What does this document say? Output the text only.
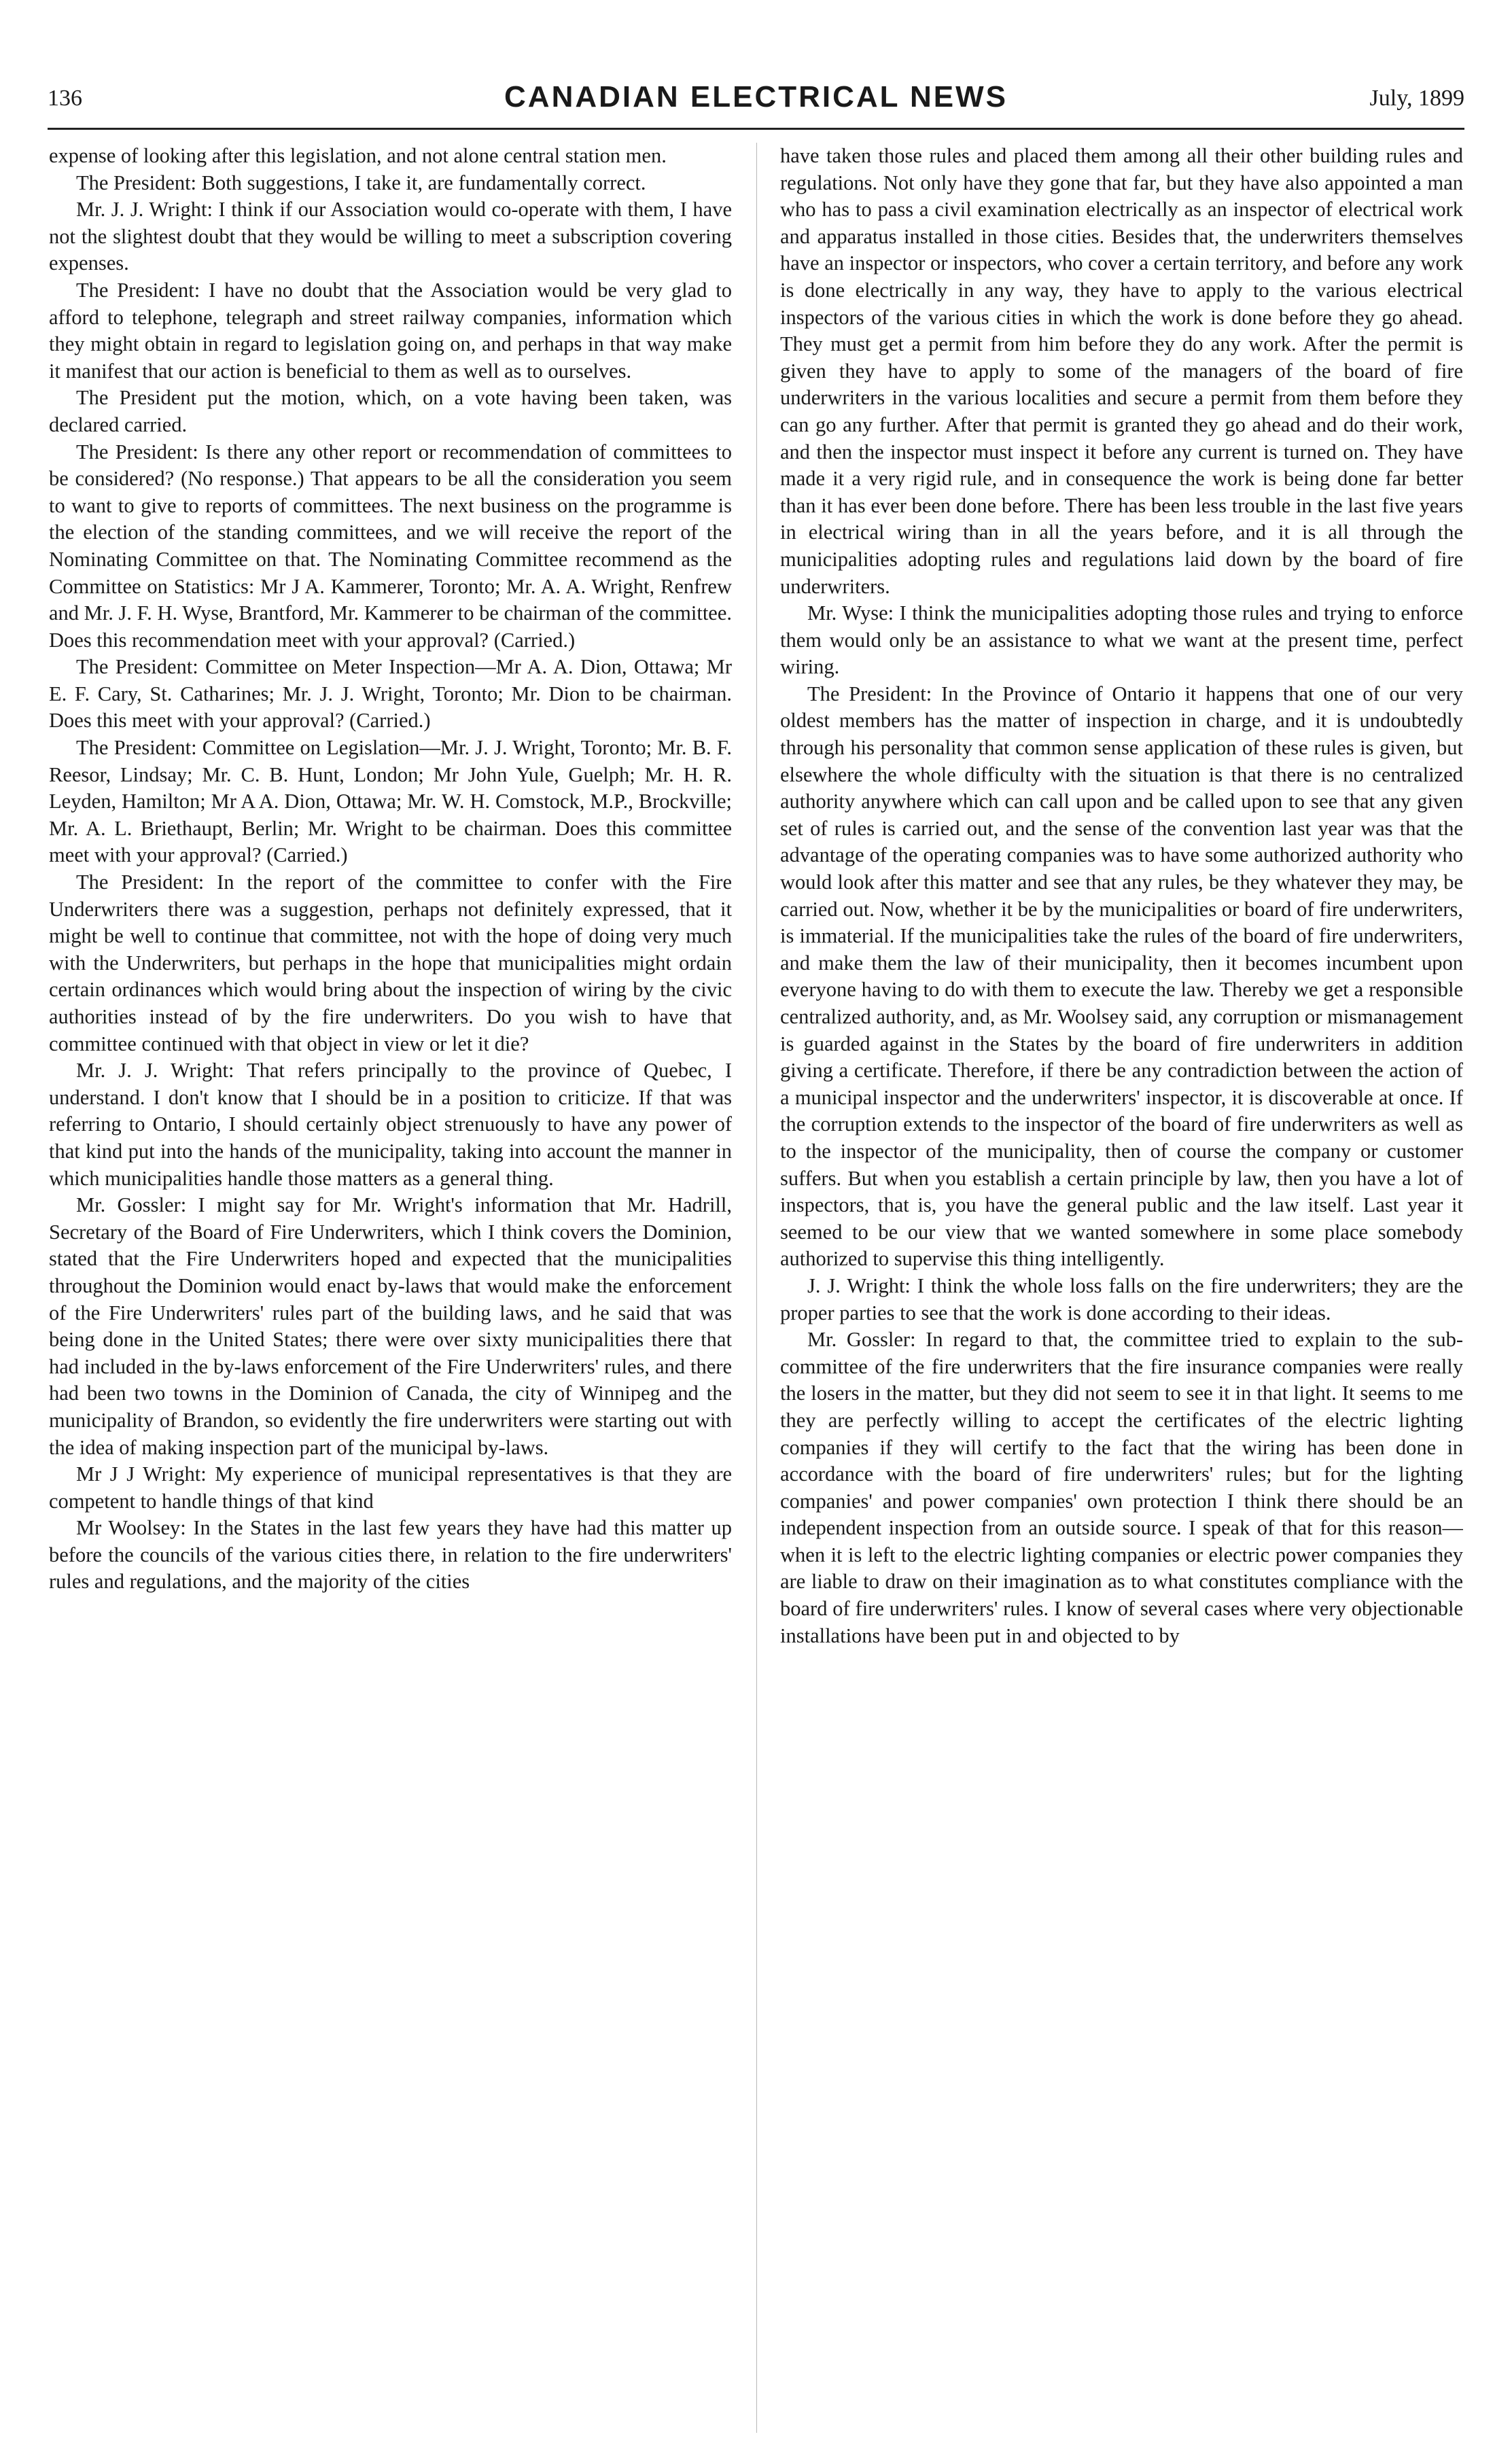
136	CANADIAN ELECTRICAL NEWS	July, 1899

expense of looking after this legislation, and not alone central station men.

The President: Both suggestions, I take it, are fundamentally correct.

Mr. J. J. Wright: I think if our Association would co-operate with them, I have not the slightest doubt that they would be willing to meet a subscription covering expenses.

The President: I have no doubt that the Association would be very glad to afford to telephone, telegraph and street railway companies, information which they might obtain in regard to legislation going on, and perhaps in that way make it manifest that our action is beneficial to them as well as to ourselves.

The President put the motion, which, on a vote having been taken, was declared carried.

The President: Is there any other report or recommendation of committees to be considered? (No response.) That appears to be all the consideration you seem to want to give to reports of committees. The next business on the programme is the election of the standing committees, and we will receive the report of the Nominating Committee on that. The Nominating Committee recommend as the Committee on Statistics: Mr J A. Kammerer, Toronto; Mr. A. A. Wright, Renfrew and Mr. J. F. H. Wyse, Brantford, Mr. Kammerer to be chairman of the committee. Does this recommendation meet with your approval? (Carried.)

The President: Committee on Meter Inspection—Mr A. A. Dion, Ottawa; Mr E. F. Cary, St. Catharines; Mr. J. J. Wright, Toronto; Mr. Dion to be chairman. Does this meet with your approval? (Carried.)

The President: Committee on Legislation—Mr. J. J. Wright, Toronto; Mr. B. F. Reesor, Lindsay; Mr. C. B. Hunt, London; Mr John Yule, Guelph; Mr. H. R. Leyden, Hamilton; Mr A A. Dion, Ottawa; Mr. W. H. Comstock, M.P., Brockville; Mr. A. L. Briethaupt, Berlin; Mr. Wright to be chairman. Does this committee meet with your approval? (Carried.)

The President: In the report of the committee to confer with the Fire Underwriters there was a suggestion, perhaps not definitely expressed, that it might be well to continue that committee, not with the hope of doing very much with the Underwriters, but perhaps in the hope that municipalities might ordain certain ordinances which would bring about the inspection of wiring by the civic authorities instead of by the fire underwriters. Do you wish to have that committee continued with that object in view or let it die?

Mr. J. J. Wright: That refers principally to the province of Quebec, I understand. I don't know that I should be in a position to criticize. If that was referring to Ontario, I should certainly object strenuously to have any power of that kind put into the hands of the municipality, taking into account the manner in which municipalities handle those matters as a general thing.

Mr. Gossler: I might say for Mr. Wright's information that Mr. Hadrill, Secretary of the Board of Fire Underwriters, which I think covers the Dominion, stated that the Fire Underwriters hoped and expected that the municipalities throughout the Dominion would enact by-laws that would make the enforcement of the Fire Underwriters' rules part of the building laws, and he said that was being done in the United States; there were over sixty municipalities there that had included in the by-laws enforcement of the Fire Underwriters' rules, and there had been two towns in the Dominion of Canada, the city of Winnipeg and the municipality of Brandon, so evidently the fire underwriters were starting out with the idea of making inspection part of the municipal by-laws.

Mr J J Wright: My experience of municipal representatives is that they are competent to handle things of that kind

Mr Woolsey: In the States in the last few years they have had this matter up before the councils of the various cities there, in relation to the fire underwriters' rules and regulations, and the majority of the cities

have taken those rules and placed them among all their other building rules and regulations. Not only have they gone that far, but they have also appointed a man who has to pass a civil examination electrically as an inspector of electrical work and apparatus installed in those cities. Besides that, the underwriters themselves have an inspector or inspectors, who cover a certain territory, and before any work is done electrically in any way, they have to apply to the various electrical inspectors of the various cities in which the work is done before they go ahead. They must get a permit from him before they do any work. After the permit is given they have to apply to some of the managers of the board of fire underwriters in the various localities and secure a permit from them before they can go any further. After that permit is granted they go ahead and do their work, and then the inspector must inspect it before any current is turned on. They have made it a very rigid rule, and in consequence the work is being done far better than it has ever been done before. There has been less trouble in the last five years in electrical wiring than in all the years before, and it is all through the municipalities adopting rules and regulations laid down by the board of fire underwriters.

Mr. Wyse: I think the municipalities adopting those rules and trying to enforce them would only be an assistance to what we want at the present time, perfect wiring.

The President: In the Province of Ontario it happens that one of our very oldest members has the matter of inspection in charge, and it is undoubtedly through his personality that common sense application of these rules is given, but elsewhere the whole difficulty with the situation is that there is no centralized authority anywhere which can call upon and be called upon to see that any given set of rules is carried out, and the sense of the convention last year was that the advantage of the operating companies was to have some authorized authority who would look after this matter and see that any rules, be they whatever they may, be carried out. Now, whether it be by the municipalities or board of fire underwriters, is immaterial. If the municipalities take the rules of the board of fire underwriters, and make them the law of their municipality, then it becomes incumbent upon everyone having to do with them to execute the law. Thereby we get a responsible centralized authority, and, as Mr. Woolsey said, any corruption or mismanagement is guarded against in the States by the board of fire underwriters in addition giving a certificate. Therefore, if there be any contradiction between the action of a municipal inspector and the underwriters' inspector, it is discoverable at once. If the corruption extends to the inspector of the board of fire underwriters as well as to the inspector of the municipality, then of course the company or customer suffers. But when you establish a certain principle by law, then you have a lot of inspectors, that is, you have the general public and the law itself. Last year it seemed to be our view that we wanted somewhere in some place somebody authorized to supervise this thing intelligently.

J. J. Wright: I think the whole loss falls on the fire underwriters; they are the proper parties to see that the work is done according to their ideas.

Mr. Gossler: In regard to that, the committee tried to explain to the sub-committee of the fire underwriters that the fire insurance companies were really the losers in the matter, but they did not seem to see it in that light. It seems to me they are perfectly willing to accept the certificates of the electric lighting companies if they will certify to the fact that the wiring has been done in accordance with the board of fire underwriters' rules; but for the lighting companies' and power companies' own protection I think there should be an independent inspection from an outside source. I speak of that for this reason—when it is left to the electric lighting companies or electric power companies they are liable to draw on their imagination as to what constitutes compliance with the board of fire underwriters' rules. I know of several cases where very objectionable installations have been put in and objected to by
